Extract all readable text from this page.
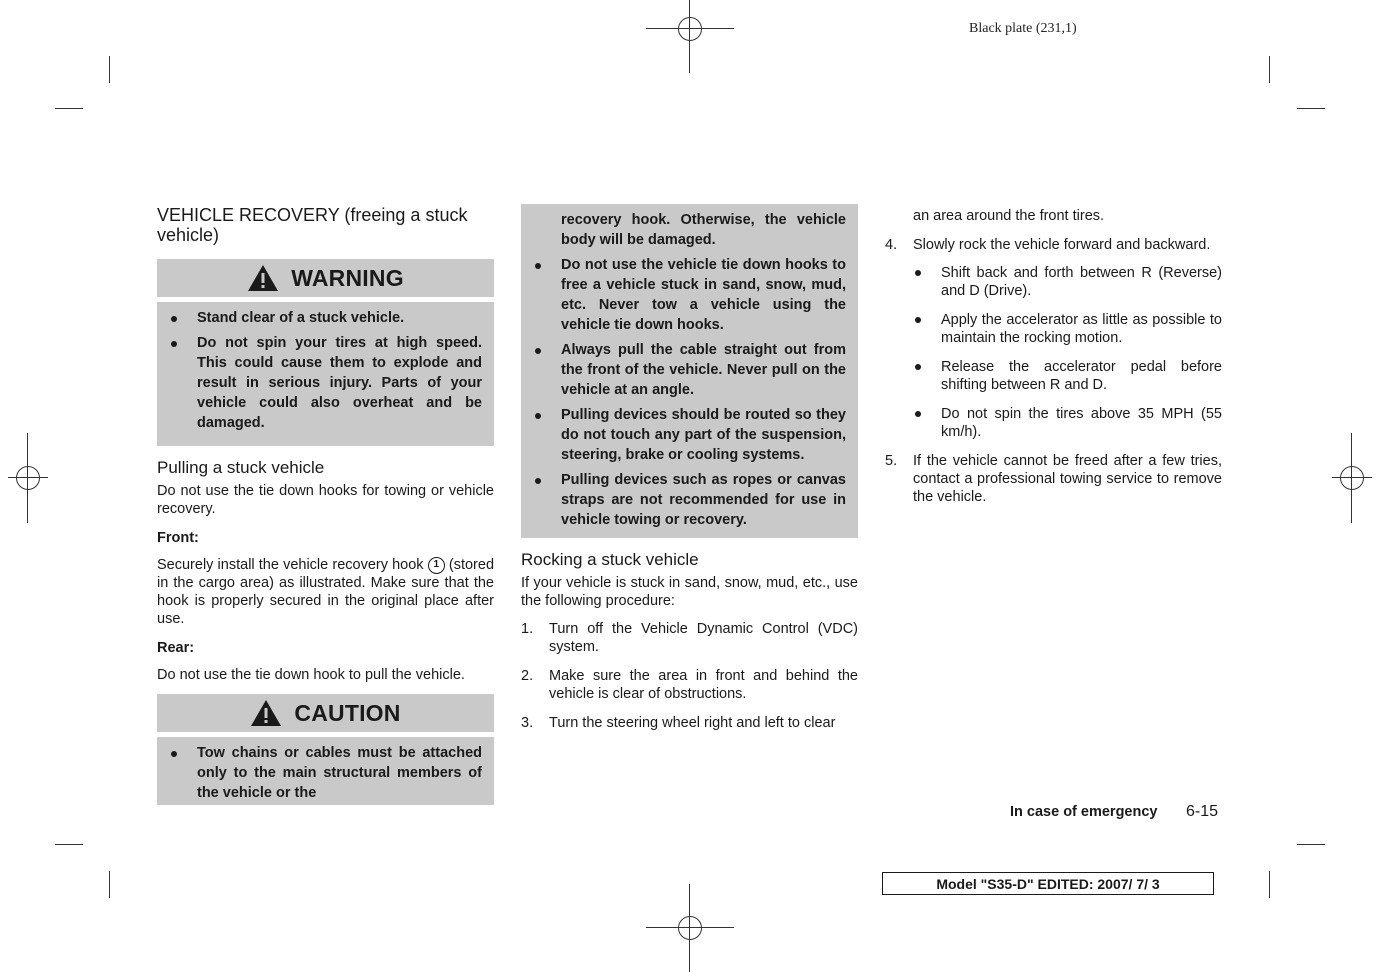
Black plate (231,1)
VEHICLE RECOVERY (freeing a stuck vehicle)
WARNING
Stand clear of a stuck vehicle.
Do not spin your tires at high speed. This could cause them to explode and result in serious injury. Parts of your vehicle could also overheat and be damaged.
Pulling a stuck vehicle

Do not use the tie down hooks for towing or vehicle recovery.

Front:

Securely install the vehicle recovery hook 1 (stored in the cargo area) as illustrated. Make sure that the hook is properly secured in the original place after use.

Rear:

Do not use the tie down hook to pull the vehicle.

CAUTION
Tow chains or cables must be attached only to the main structural members of the vehicle or the
recovery hook. Otherwise, the vehicle body will be damaged.
Do not use the vehicle tie down hooks to free a vehicle stuck in sand, snow, mud, etc. Never tow a vehicle using the vehicle tie down hooks.
Always pull the cable straight out from the front of the vehicle. Never pull on the vehicle at an angle.
Pulling devices should be routed so they do not touch any part of the suspension, steering, brake or cooling systems.
Pulling devices such as ropes or canvas straps are not recommended for use in vehicle towing or recovery.
Rocking a stuck vehicle

If your vehicle is stuck in sand, snow, mud, etc., use the following procedure:

1. Turn off the Vehicle Dynamic Control (VDC) system.
2. Make sure the area in front and behind the vehicle is clear of obstructions.
3. Turn the steering wheel right and left to clear
an area around the front tires.
4. Slowly rock the vehicle forward and backward.
Shift back and forth between R (Reverse) and D (Drive).
Apply the accelerator as little as possible to maintain the rocking motion.
Release the accelerator pedal before shifting between R and D.
Do not spin the tires above 35 MPH (55 km/h).
5. If the vehicle cannot be freed after a few tries, contact a professional towing service to remove the vehicle.
In case of emergency 6-15
Model "S35-D" EDITED: 2007/ 7/ 3
